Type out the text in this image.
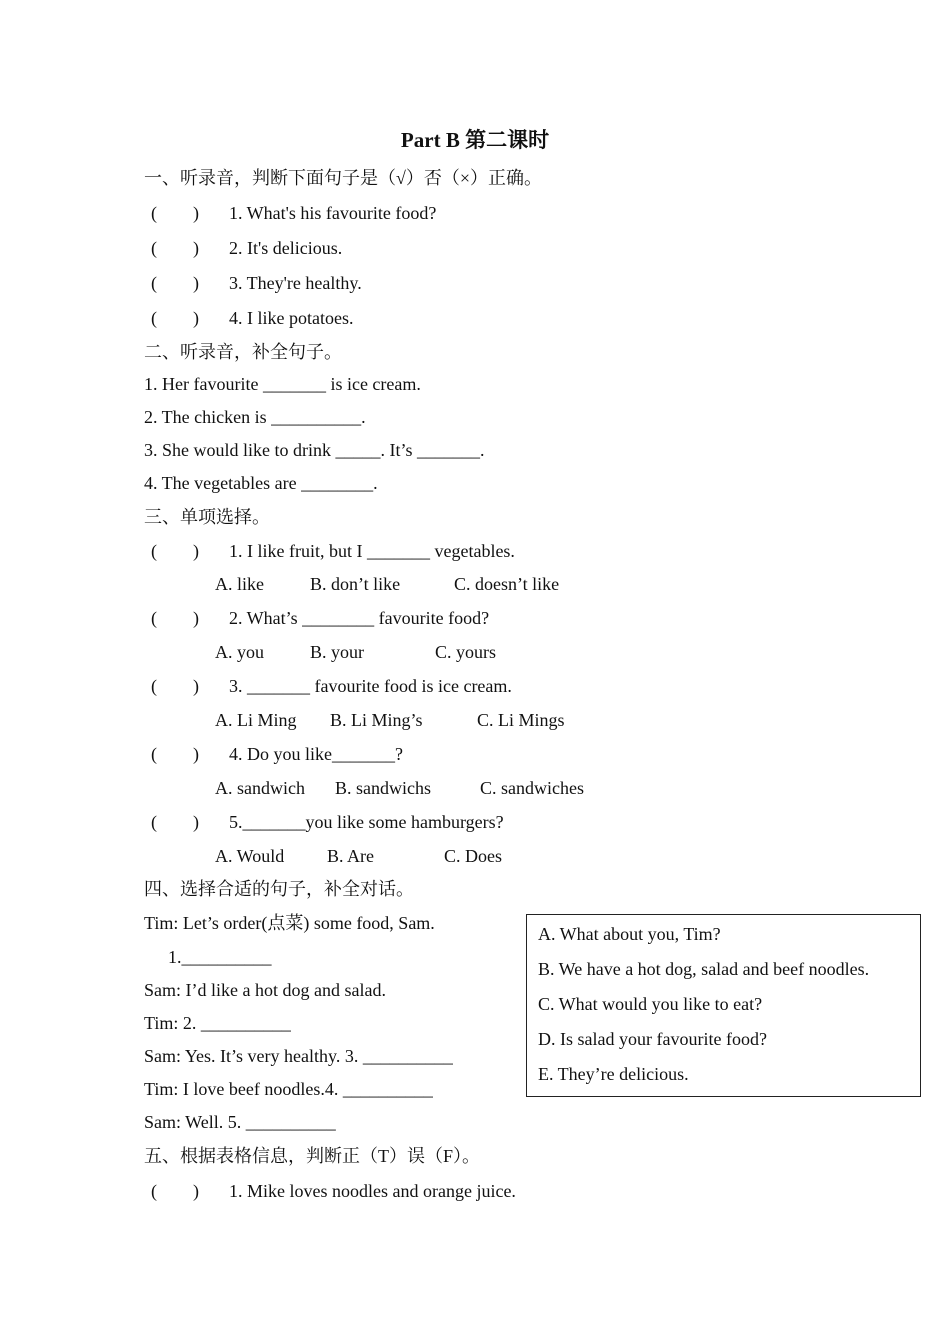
Part B 第二课时
一、听录音，判断下面句子是（√）否（×）正确。
(        ) 1. What's his favourite food?
(        ) 2. It's delicious.
(        ) 3. They're healthy.
(        ) 4. I like potatoes.
二、听录音，补全句子。
1. Her favourite _______ is ice cream.
2. The chicken is __________.
3. She would like to drink _____. It’s _______.
4. The vegetables are ________.
三、单项选择。
(        ) 1. I like fruit, but I _______ vegetables.
A. like	B. don’t like	C. doesn’t like
(        ) 2. What’s ________ favourite food?
A. you	B. your	C. yours
(        ) 3. _______ favourite food is ice cream.
A. Li Ming B. Li Ming’s	C. Li Mings
(        ) 4. Do you like_______?
A. sandwich B. sandwichs	C. sandwiches
(        ) 5._______you like some hamburgers?
A. Would B. Are	C. Does
四、选择合适的句子，补全对话。
Tim: Let’s order(点菜) some food, Sam.
1.__________
Sam: I’d like a hot dog and salad.
Tim: 2. __________
Sam: Yes. It’s very healthy. 3. __________
Tim: I love beef noodles.4. __________
Sam: Well. 5. __________
A. What about you, Tim?
B. We have a hot dog, salad and beef noodles.
C. What would you like to eat?
D. Is salad your favourite food?
E. They’re delicious.
五、根据表格信息，判断正（T）误（F）。
(        ) 1. Mike loves noodles and orange juice.
